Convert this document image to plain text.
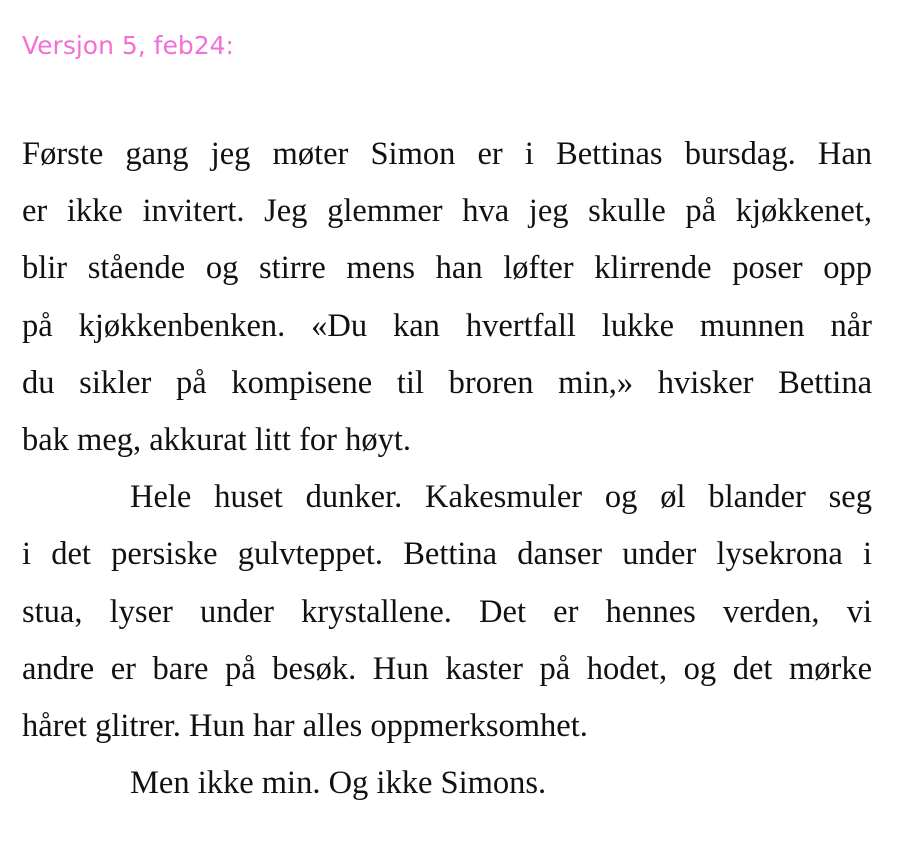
Versjon 5, feb24:
Første gang jeg møter Simon er i Bettinas bursdag. Han
er ikke invitert. Jeg glemmer hva jeg skulle på kjøkkenet,
blir stående og stirre mens han løfter klirrende poser opp
på kjøkkenbenken. «Du kan hvertfall lukke munnen når
du sikler på kompisene til broren min,» hvisker Bettina
bak meg, akkurat litt for høyt.
Hele huset dunker. Kakesmuler og øl blander seg
i det persiske gulvteppet. Bettina danser under lysekrona i
stua, lyser under krystallene. Det er hennes verden, vi
andre er bare på besøk. Hun kaster på hodet, og det mørke
håret glitrer. Hun har alles oppmerksomhet.
Men ikke min. Og ikke Simons.
